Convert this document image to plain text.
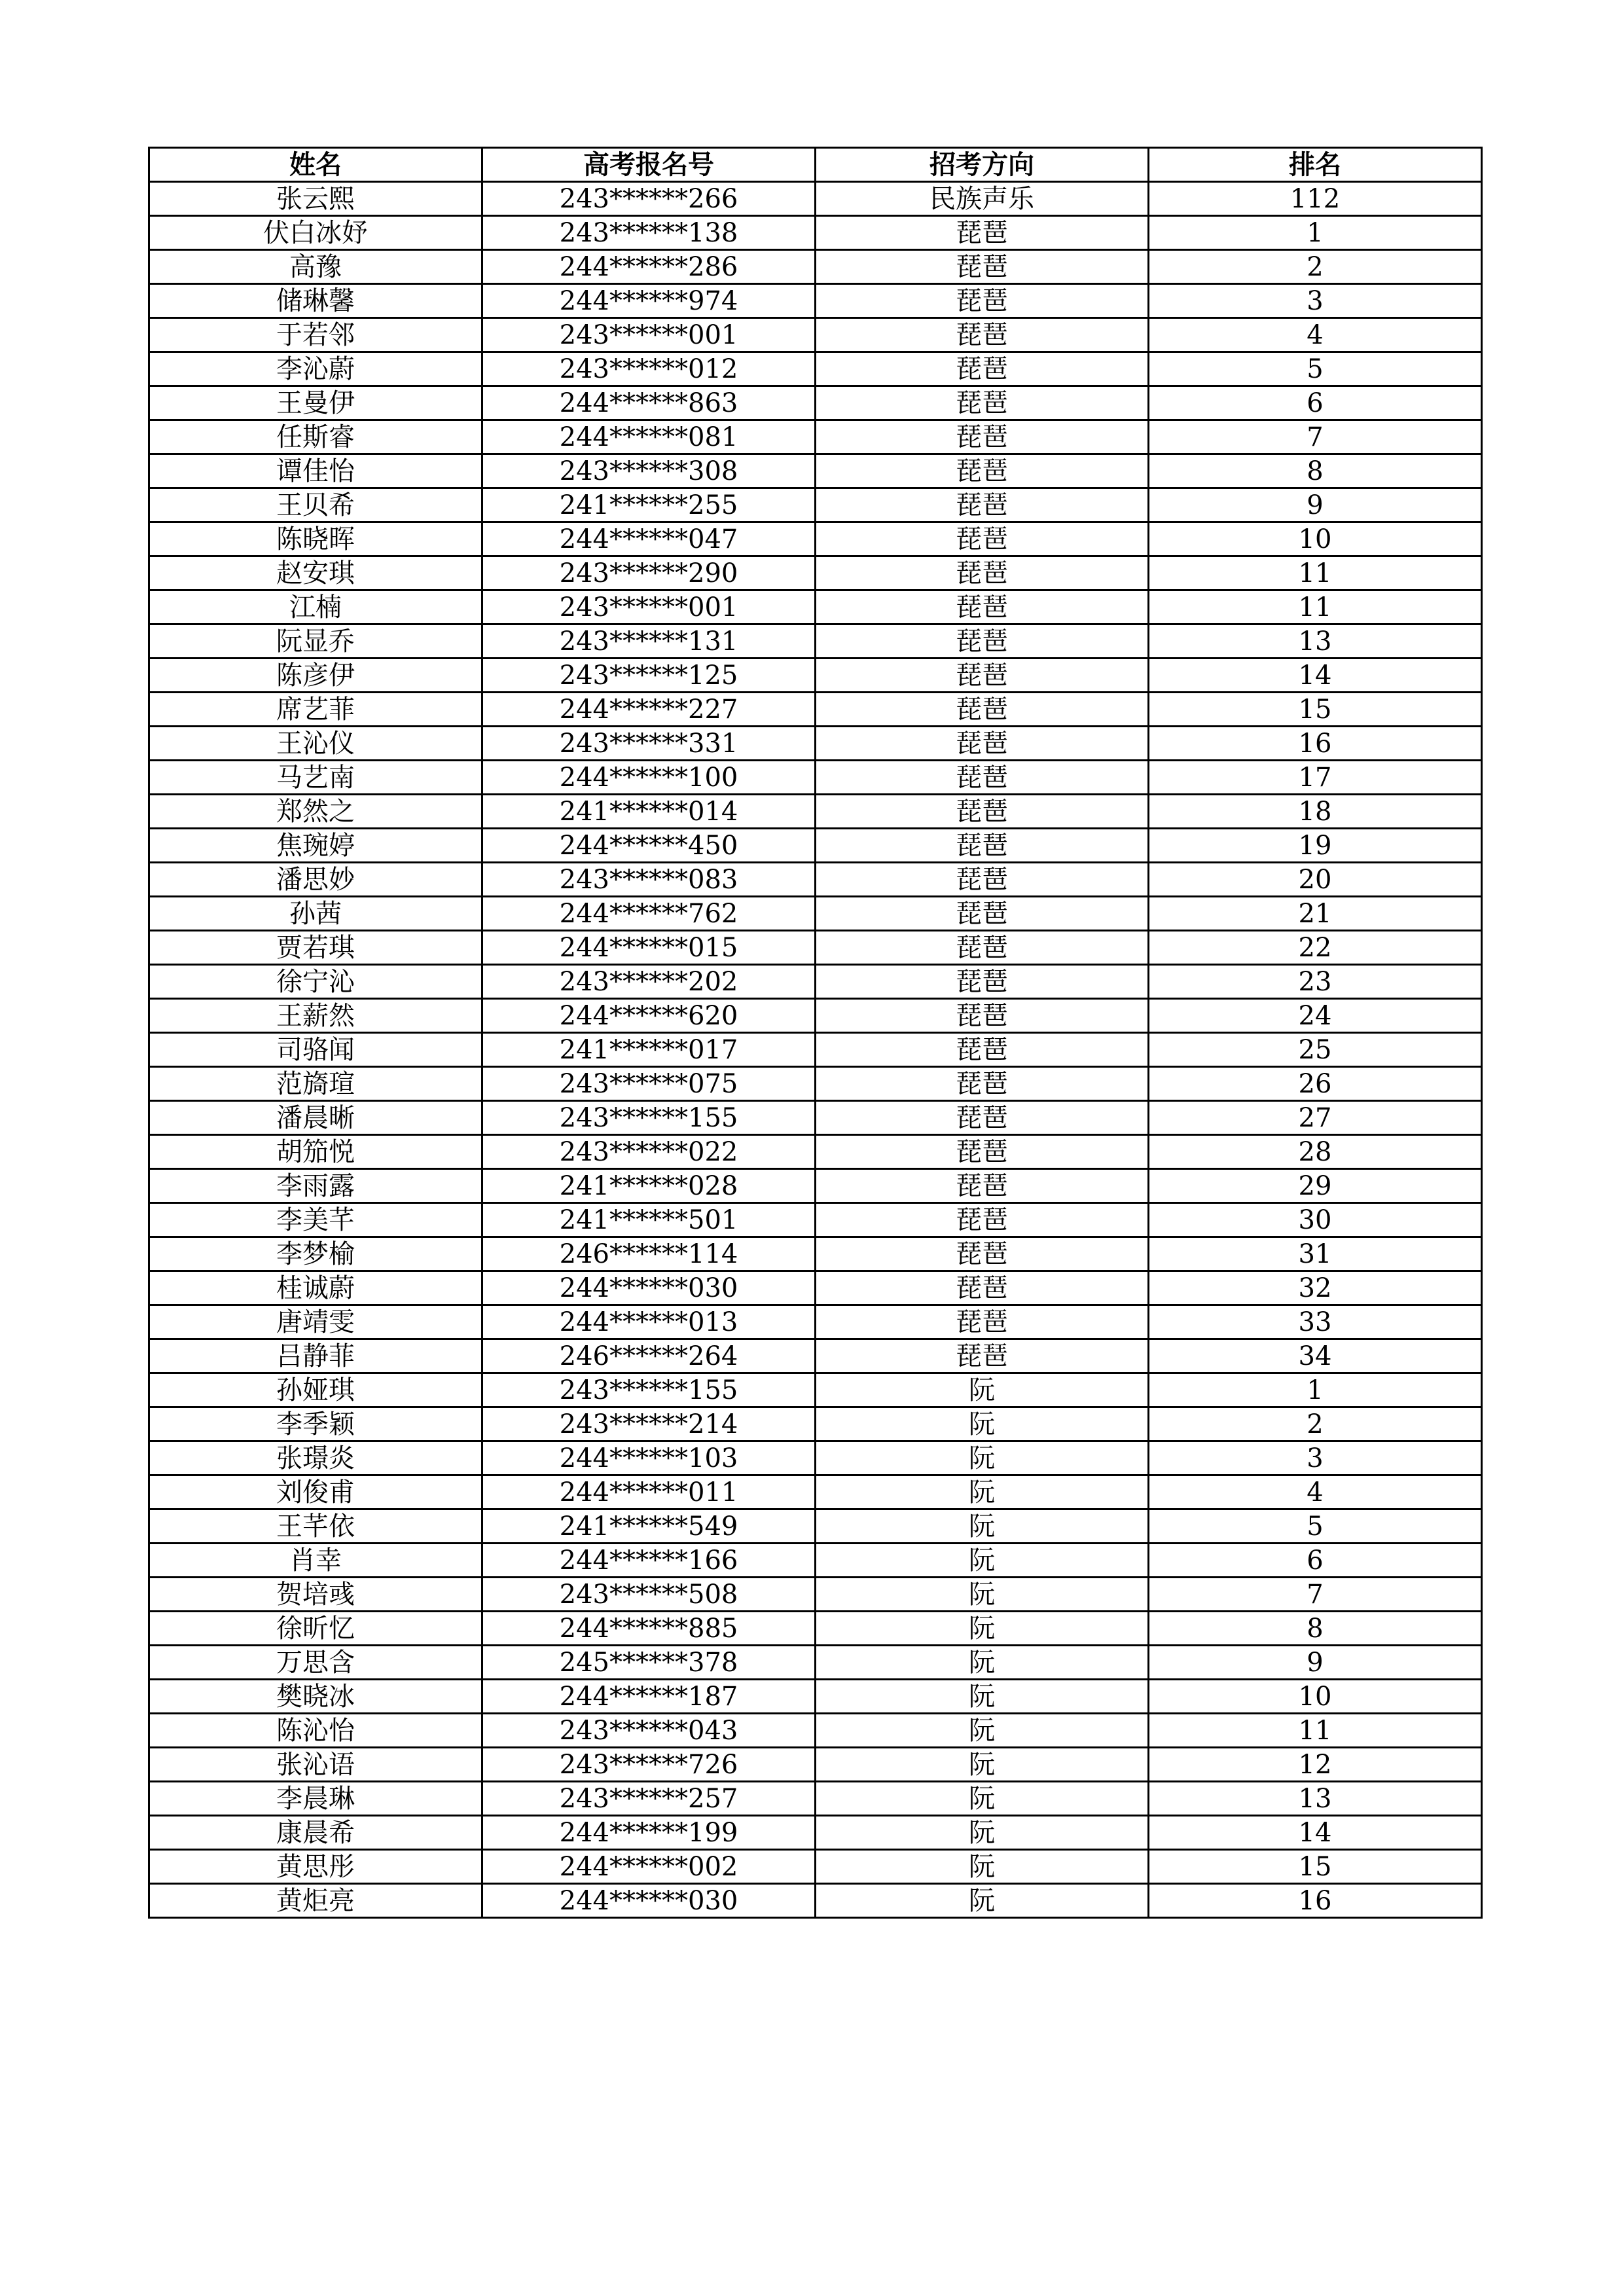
姓名	高考报名号	招考方向	排名
张云熙	243******266	民族声乐	112
伏白冰妤	243******138	琵琶	1
高豫	244******286	琵琶	2
储琳馨	244******974	琵琶	3
于若邻	243******001	琵琶	4
李沁蔚	243******012	琵琶	5
王曼伊	244******863	琵琶	6
任斯睿	244******081	琵琶	7
谭佳怡	243******308	琵琶	8
王贝希	241******255	琵琶	9
陈晓晖	244******047	琵琶	10
赵安琪	243******290	琵琶	11
江楠	243******001	琵琶	11
阮显乔	243******131	琵琶	13
陈彦伊	243******125	琵琶	14
席艺菲	244******227	琵琶	15
王沁仪	243******331	琵琶	16
马艺南	244******100	琵琶	17
郑然之	241******014	琵琶	18
焦琬婷	244******450	琵琶	19
潘思妙	243******083	琵琶	20
孙茜	244******762	琵琶	21
贾若琪	244******015	琵琶	22
徐宁沁	243******202	琵琶	23
王薪然	244******620	琵琶	24
司骆闻	241******017	琵琶	25
范旖瑄	243******075	琵琶	26
潘晨晰	243******155	琵琶	27
胡笳悦	243******022	琵琶	28
李雨露	241******028	琵琶	29
李美芊	241******501	琵琶	30
李梦榆	246******114	琵琶	31
桂诚蔚	244******030	琵琶	32
唐靖雯	244******013	琵琶	33
吕静菲	246******264	琵琶	34
孙娅琪	243******155	阮	1
李季颖	243******214	阮	2
张璟炎	244******103	阮	3
刘俊甫	244******011	阮	4
王芊依	241******549	阮	5
肖幸	244******166	阮	6
贺培彧	243******508	阮	7
徐昕忆	244******885	阮	8
万思含	245******378	阮	9
樊晓冰	244******187	阮	10
陈沁怡	243******043	阮	11
张沁语	243******726	阮	12
李晨琳	243******257	阮	13
康晨希	244******199	阮	14
黄思彤	244******002	阮	15
黄炬亮	244******030	阮	16
